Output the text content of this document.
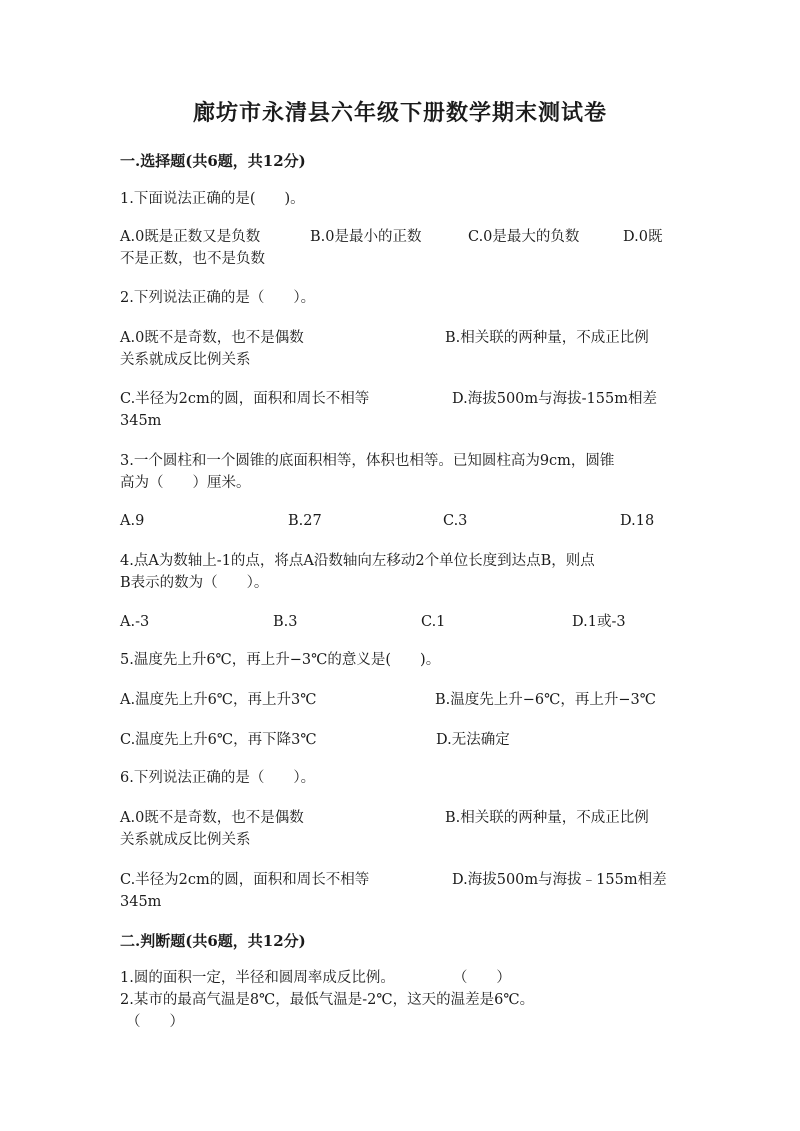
廊坊市永清县六年级下册数学期末测试卷
一.选择题(共6题，共12分)
1.下面说法正确的是(　　)。
A.0既是正数又是负数	B.0是最小的正数	C.0是最大的负数	D.0既
不是正数，也不是负数
2.下列说法正确的是（　　）。
A.0既不是奇数，也不是偶数	B.相关联的两种量，不成正比例
关系就成反比例关系
C.半径为2cm的圆，面积和周长不相等	D.海拔500m与海拔-155m相差
345m
3.一个圆柱和一个圆锥的底面积相等，体积也相等。已知圆柱高为9cm，圆锥
高为（　　）厘米。
A.9	B.27	C.3	D.18
4.点A为数轴上-1的点，将点A沿数轴向左移动2个单位长度到达点B，则点
B表示的数为（　　）。
A.-3	B.3	C.1	D.1或-3
5.温度先上升6℃，再上升−3℃的意义是(　　)。
A.温度先上升6℃，再上升3℃	B.温度先上升−6℃，再上升−3℃
C.温度先上升6℃，再下降3℃	D.无法确定
6.下列说法正确的是（　　）。
A.0既不是奇数，也不是偶数	B.相关联的两种量，不成正比例
关系就成反比例关系
C.半径为2cm的圆，面积和周长不相等	D.海拔500m与海拔﹣155m相差
345m
二.判断题(共6题，共12分)
1.圆的面积一定，半径和圆周率成反比例。　　　　　（　　）
2.某市的最高气温是8℃，最低气温是-2℃，这天的温差是6℃。
（　　）
